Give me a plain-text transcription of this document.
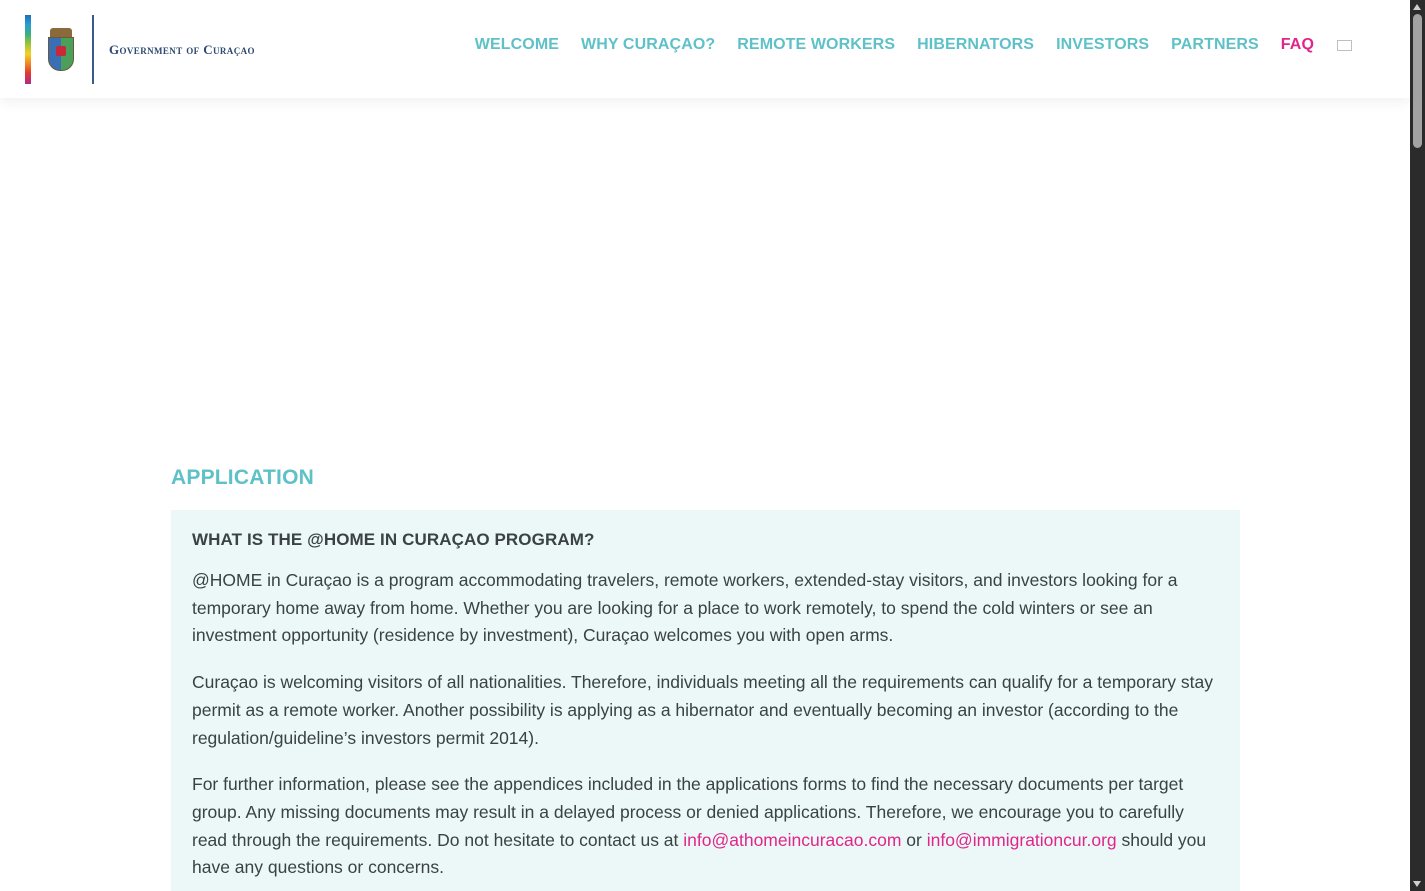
Government of Curaçao	WELCOME WHY CURAÇAO? REMOTE WORKERS HIBERNATORS INVESTORS PARTNERS FAQ
APPLICATION
WHAT IS THE @HOME IN CURAÇAO PROGRAM?

@HOME in Curaçao is a program accommodating travelers, remote workers, extended-stay visitors, and investors looking for a temporary home away from home. Whether you are looking for a place to work remotely, to spend the cold winters or see an investment opportunity (residence by investment), Curaçao welcomes you with open arms.

Curaçao is welcoming visitors of all nationalities. Therefore, individuals meeting all the requirements can qualify for a temporary stay permit as a remote worker. Another possibility is applying as a hibernator and eventually becoming an investor (according to the regulation/guideline’s investors permit 2014).

For further information, please see the appendices included in the applications forms to find the necessary documents per target group. Any missing documents may result in a delayed process or denied applications. Therefore, we encourage you to carefully read through the requirements. Do not hesitate to contact us at info@athomeincuracao.com or info@immigrationcur.org should you have any questions or concerns.
